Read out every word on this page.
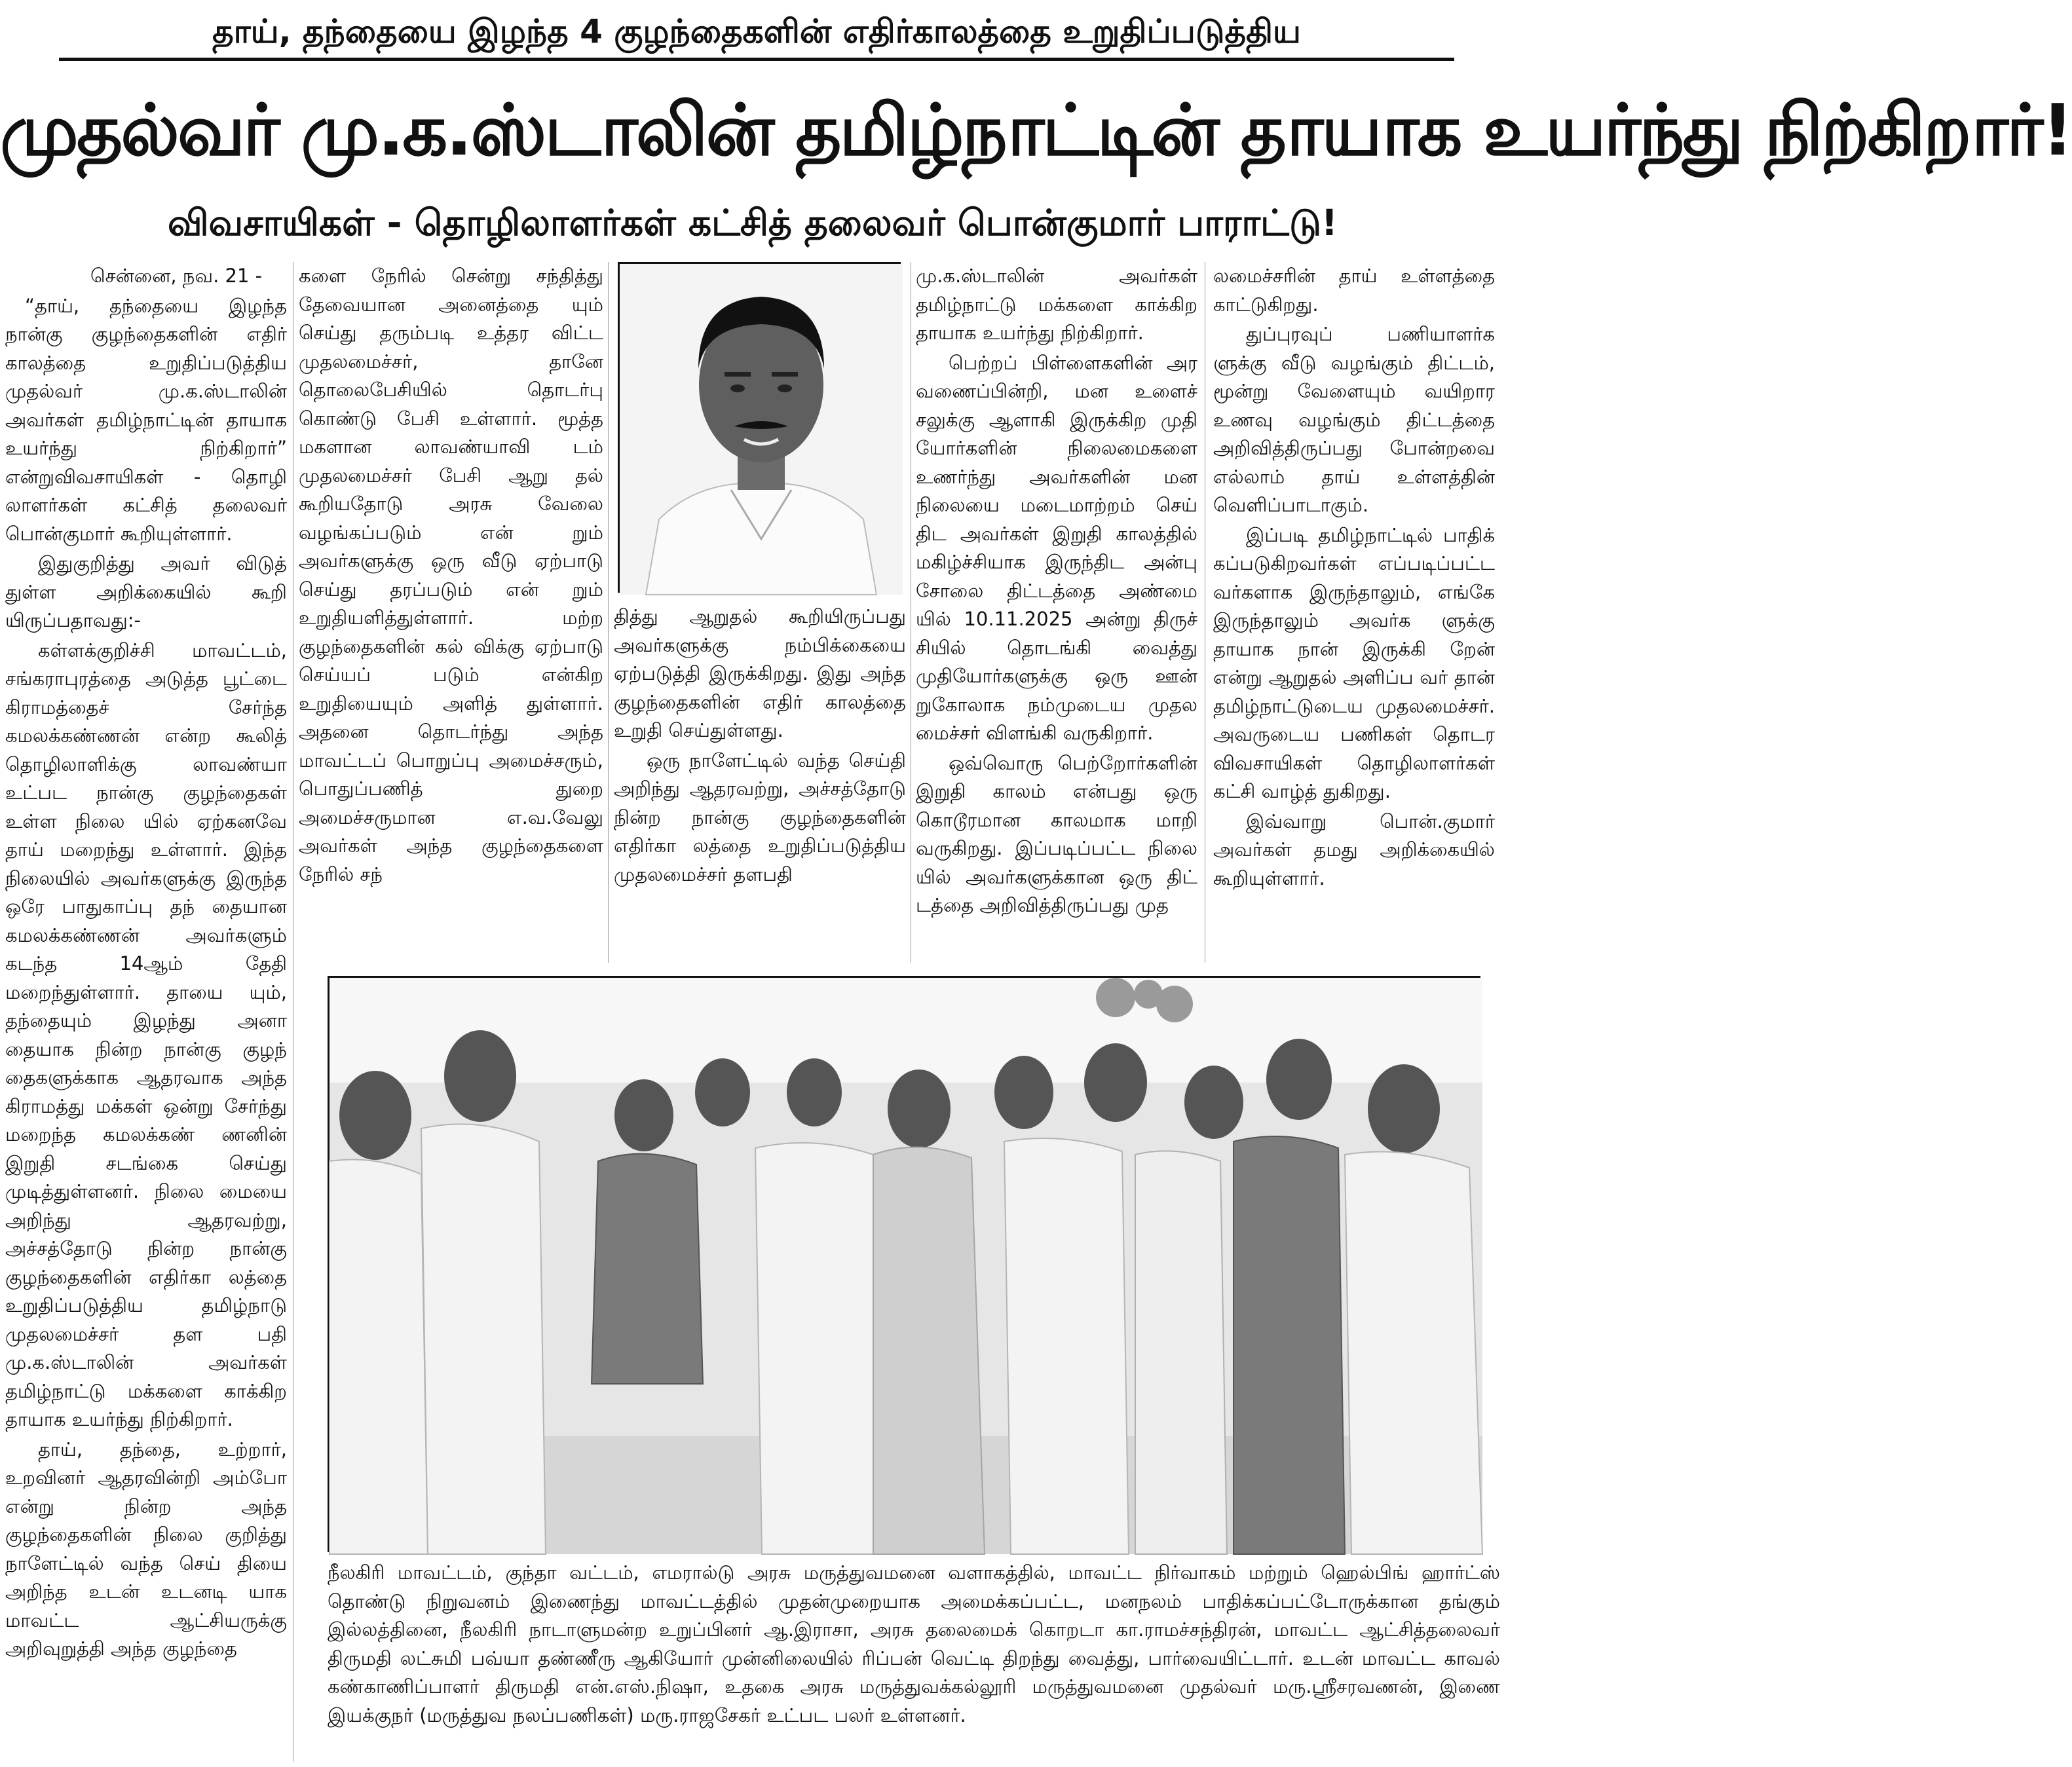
தாய், தந்தையை இழந்த 4 குழந்தைகளின் எதிர்காலத்தை உறுதிப்படுத்திய
முதல்வர் மு.க.ஸ்டாலின் தமிழ்நாட்டின் தாயாக உயர்ந்து நிற்கிறார்!
விவசாயிகள் - தொழிலாளர்கள் கட்சித் தலைவர் பொன்குமார் பாராட்டு!

சென்னை, நவ. 21 -

“தாய், தந்தையை இழந்த நான்கு குழந்தைகளின் எதிர் காலத்தை உறுதிப்படுத்திய முதல்வர் மு.க.ஸ்டாலின் அவர்கள் தமிழ்நாட்டின் தாயாக உயர்ந்து நிற்கிறார்” என்றுவிவசாயிகள் - தொழி லாளர்கள் கட்சித் தலைவர் பொன்குமார் கூறியுள்ளார்.

இதுகுறித்து அவர் விடுத் துள்ள அறிக்கையில் கூறி யிருப்பதாவது:-

கள்ளக்குறிச்சி மாவட்டம், சங்கராபுரத்தை அடுத்த பூட்டை கிராமத்தைச் சேர்ந்த கமலக்கண்ணன் என்ற கூலித் தொழிலாளிக்கு லாவண்யா உட்பட நான்கு குழந்தைகள் உள்ள நிலை யில் ஏற்கனவே தாய் மறைந்து உள்ளார். இந்த நிலையில் அவர்களுக்கு இருந்த ஒரே பாதுகாப்பு தந் தையான கமலக்கண்ணன் அவர்களும் கடந்த 14ஆம் தேதி மறைந்துள்ளார். தாயை யும், தந்தையும் இழந்து அனா தையாக நின்ற நான்கு குழந் தைகளுக்காக ஆதரவாக அந்த கிராமத்து மக்கள் ஒன்று சேர்ந்து மறைந்த கமலக்கண் ணனின் இறுதி சடங்கை செய்து முடித்துள்ளனர். நிலை மையை அறிந்து ஆதரவற்று, அச்சத்தோடு நின்ற நான்கு குழந்தைகளின் எதிர்கா லத்தை உறுதிப்படுத்திய தமிழ்நாடு முதலமைச்சர் தள பதி மு.க.ஸ்டாலின் அவர்கள் தமிழ்நாட்டு மக்களை காக்கிற தாயாக உயர்ந்து நிற்கிறார்.

தாய், தந்தை, உற்றார், உறவினர் ஆதரவின்றி அம்போ என்று நின்ற அந்த குழந்தைகளின் நிலை குறித்து நாளேட்டில் வந்த செய் தியை அறிந்த உடன் உடனடி யாக மாவட்ட ஆட்சியருக்கு அறிவுறுத்தி அந்த குழந்தை

களை நேரில் சென்று சந்தித்து தேவையான அனைத்தை யும் செய்து தரும்படி உத்தர விட்ட முதலமைச்சர், தானே தொலைபேசியில் தொடர்பு கொண்டு பேசி உள்ளார். மூத்த மகளான லாவண்யாவி டம் முதலமைச்சர் பேசி ஆறு தல் கூறியதோடு அரசு வேலை வழங்கப்படும் என் றும் அவர்களுக்கு ஒரு வீடு ஏற்பாடு செய்து தரப்படும் என் றும் உறுதியளித்துள்ளார். மற்ற குழந்தைகளின் கல் விக்கு ஏற்பாடு செய்யப் படும் என்கிற உறுதியையும் அளித் துள்ளார். அதனை தொடர்ந்து அந்த மாவட்டப் பொறுப்பு அமைச்சரும், பொதுப்பணித் துறை அமைச்சருமான எ.வ.வேலு அவர்கள் அந்த குழந்தைகளை நேரில் சந்

தித்து ஆறுதல் கூறியிருப்பது அவர்களுக்கு நம்பிக்கையை ஏற்படுத்தி இருக்கிறது. இது அந்த குழந்தைகளின் எதிர் காலத்தை உறுதி செய்துள்ளது.

ஒரு நாளேட்டில் வந்த செய்தி அறிந்து ஆதரவற்று, அச்சத்தோடு நின்ற நான்கு குழந்தைகளின் எதிர்கா லத்தை உறுதிப்படுத்திய முதலமைச்சர் தளபதி

மு.க.ஸ்டாலின் அவர்கள் தமிழ்நாட்டு மக்களை காக்கிற தாயாக உயர்ந்து நிற்கிறார்.

பெற்றப் பிள்ளைகளின் அர வணைப்பின்றி, மன உளைச் சலுக்கு ஆளாகி இருக்கிற முதி யோர்களின் நிலைமைகளை உணர்ந்து அவர்களின் மன நிலையை மடைமாற்றம் செய் திட அவர்கள் இறுதி காலத்தில் மகிழ்ச்சியாக இருந்திட அன்பு சோலை திட்டத்தை அண்மை யில் 10.11.2025 அன்று திருச் சியில் தொடங்கி வைத்து முதியோர்களுக்கு ஒரு ஊன் றுகோலாக நம்முடைய முதல மைச்சர் விளங்கி வருகிறார்.

ஒவ்வொரு பெற்றோர்களின் இறுதி காலம் என்பது ஒரு கொடூரமான காலமாக மாறி வருகிறது. இப்படிப்பட்ட நிலை யில் அவர்களுக்கான ஒரு திட் டத்தை அறிவித்திருப்பது முத

லமைச்சரின் தாய் உள்ளத்தை காட்டுகிறது.

துப்புரவுப் பணியாளர்க ளுக்கு வீடு வழங்கும் திட்டம், மூன்று வேளையும் வயிறார உணவு வழங்கும் திட்டத்தை அறிவித்திருப்பது போன்றவை எல்லாம் தாய் உள்ளத்தின் வெளிப்பாடாகும்.

இப்படி தமிழ்நாட்டில் பாதிக் கப்படுகிறவர்கள் எப்படிப்பட்ட வர்களாக இருந்தாலும், எங்கே இருந்தாலும் அவர்க ளுக்கு தாயாக நான் இருக்கி றேன் என்று ஆறுதல் அளிப்ப வர் தான் தமிழ்நாட்டுடைய முதலமைச்சர். அவருடைய பணிகள் தொடர விவசாயிகள் தொழிலாளர்கள் கட்சி வாழ்த் துகிறது.

இவ்வாறு பொன்.குமார் அவர்கள் தமது அறிக்கையில் கூறியுள்ளார்.

நீலகிரி மாவட்டம், குந்தா வட்டம், எமரால்டு அரசு மருத்துவமனை வளாகத்தில், மாவட்ட நிர்வாகம் மற்றும் ஹெல்பிங் ஹார்ட்ஸ் தொண்டு நிறுவனம் இணைந்து மாவட்டத்தில் முதன்முறையாக அமைக்கப்பட்ட, மனநலம் பாதிக்கப்பட்டோருக்கான தங்கும் இல்லத்தினை, நீலகிரி நாடாளுமன்ற உறுப்பினர் ஆ.இராசா, அரசு தலைமைக் கொறடா கா.ராமச்சந்திரன், மாவட்ட ஆட்சித்தலைவர் திருமதி லட்சுமி பவ்யா தண்ணீரு ஆகியோர் முன்னிலையில் ரிப்பன் வெட்டி திறந்து வைத்து, பார்வையிட்டார். உடன் மாவட்ட காவல் கண்காணிப்பாளர் திருமதி என்.எஸ்.நிஷா, உதகை அரசு மருத்துவக்கல்லூரி மருத்துவமனை முதல்வர் மரு.ஸ்ரீசரவணன், இணை இயக்குநர் (மருத்துவ நலப்பணிகள்) மரு.ராஜசேகர் உட்பட பலர் உள்ளனர்.
